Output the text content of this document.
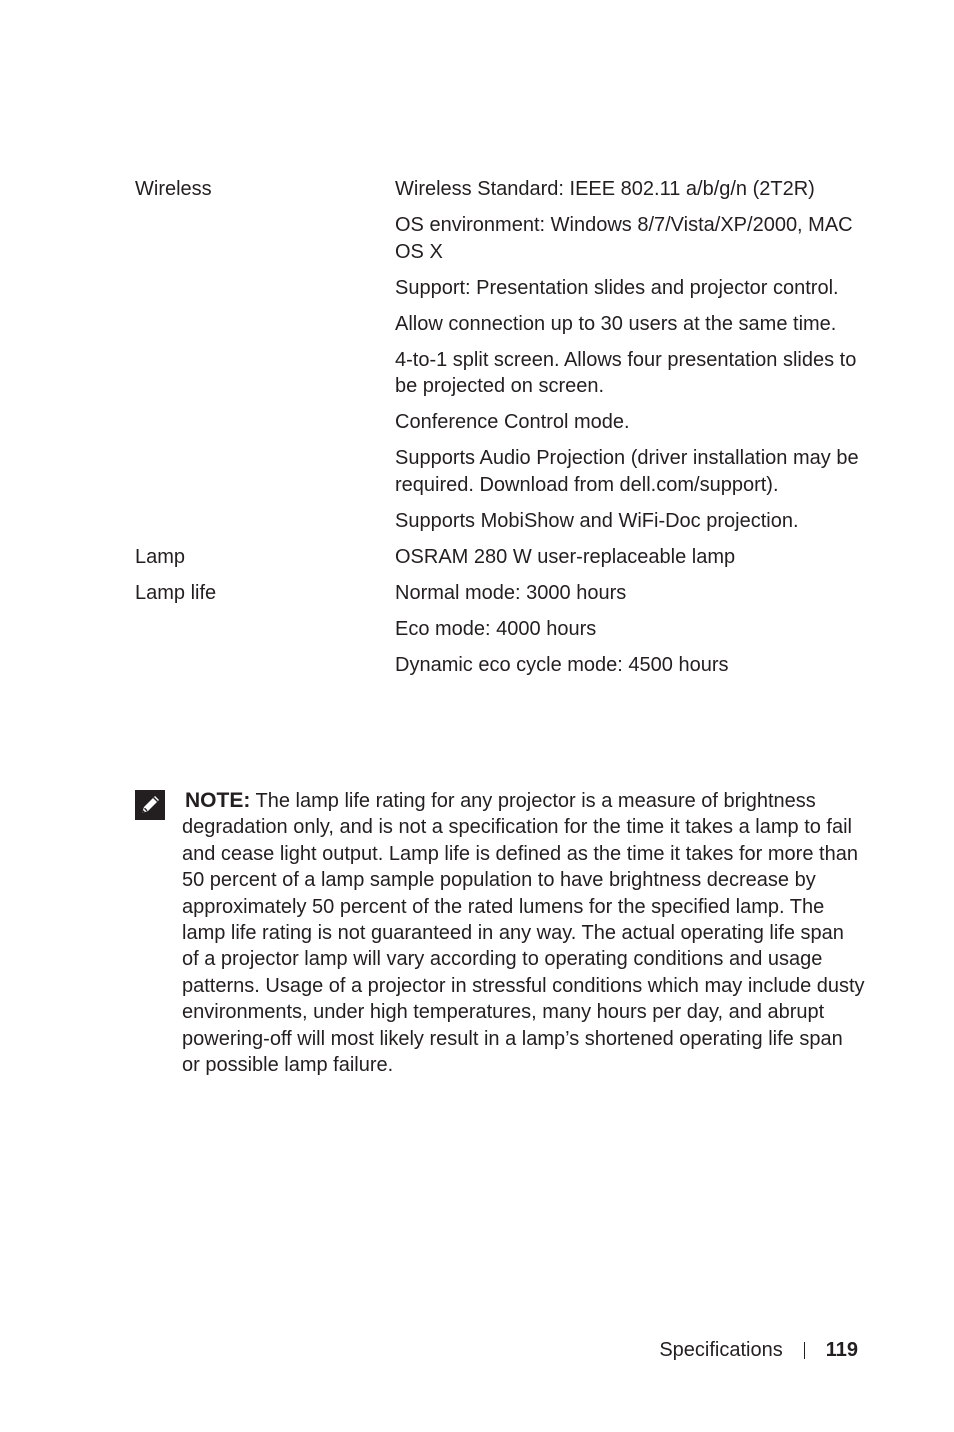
Wireless	Wireless Standard: IEEE 802.11 a/b/g/n (2T2R)
OS environment: Windows 8/7/Vista/XP/2000, MAC OS X
Support: Presentation slides and projector control.
Allow connection up to 30 users at the same time.
4-to-1 split screen. Allows four presentation slides to be projected on screen.
Conference Control mode.
Supports Audio Projection (driver installation may be required. Download from dell.com/support).
Supports MobiShow and WiFi-Doc projection.
Lamp	OSRAM 280 W user-replaceable lamp
Lamp life	Normal mode: 3000 hours
Eco mode: 4000 hours
Dynamic eco cycle mode: 4500 hours
NOTE: The lamp life rating for any projector is a measure of brightness degradation only, and is not a specification for the time it takes a lamp to fail and cease light output. Lamp life is defined as the time it takes for more than 50 percent of a lamp sample population to have brightness decrease by approximately 50 percent of the rated lumens for the specified lamp. The lamp life rating is not guaranteed in any way. The actual operating life span of a projector lamp will vary according to operating conditions and usage patterns. Usage of a projector in stressful conditions which may include dusty environments, under high temperatures, many hours per day, and abrupt powering-off will most likely result in a lamp’s shortened operating life span or possible lamp failure.
Specifications 119
